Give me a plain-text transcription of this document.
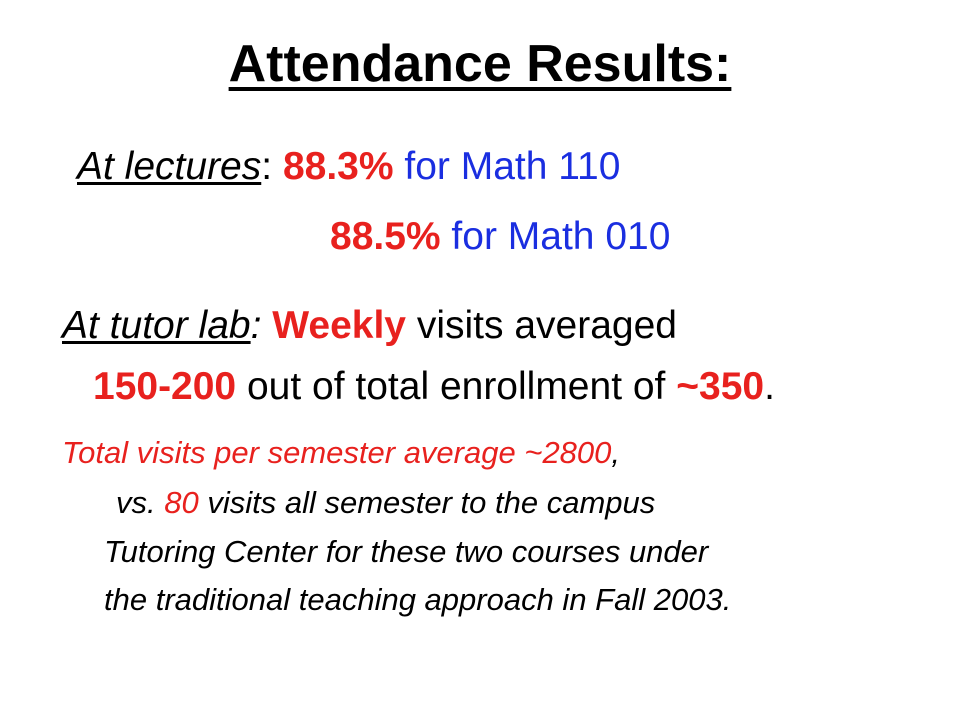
Attendance Results:
At lectures: 88.3% for Math 110
88.5% for Math 010
At tutor lab: Weekly visits averaged
150-200 out of total enrollment of ~350.
Total visits per semester average ~2800,
vs. 80 visits all semester to the campus
Tutoring Center for these two courses under
the traditional teaching approach in Fall 2003.
